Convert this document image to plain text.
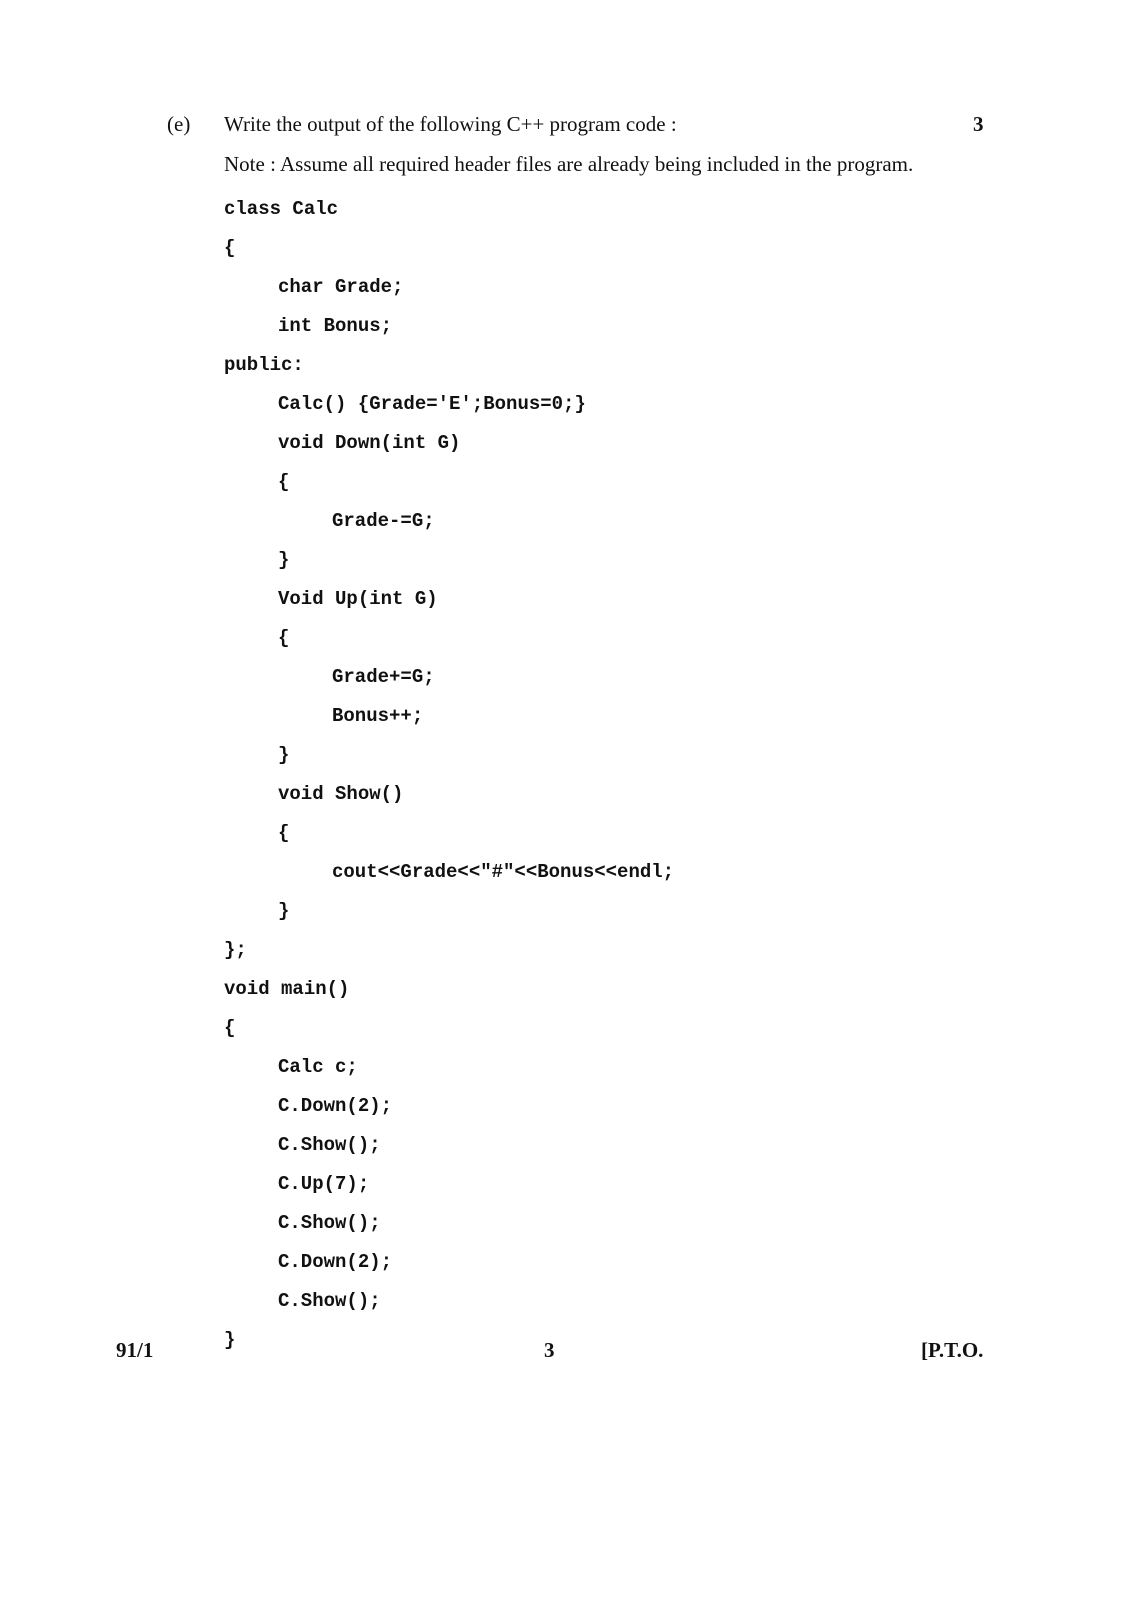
(e) Write the output of the following C++ program code :	3
Note : Assume all required header files are already being included in the program.
class Calc
{
char Grade;
int Bonus;
public:
Calc() {Grade='E';Bonus=0;}
void Down(int G)
{
Grade-=G;
}
Void Up(int G)
{
Grade+=G;
Bonus++;
}
void Show()
{
cout<<Grade<<"#"<<Bonus<<endl;
}
};
void main()
{
Calc c;
C.Down(2);
C.Show();
C.Up(7);
C.Show();
C.Down(2);
C.Show();
}
91/1	3	[P.T.O.
